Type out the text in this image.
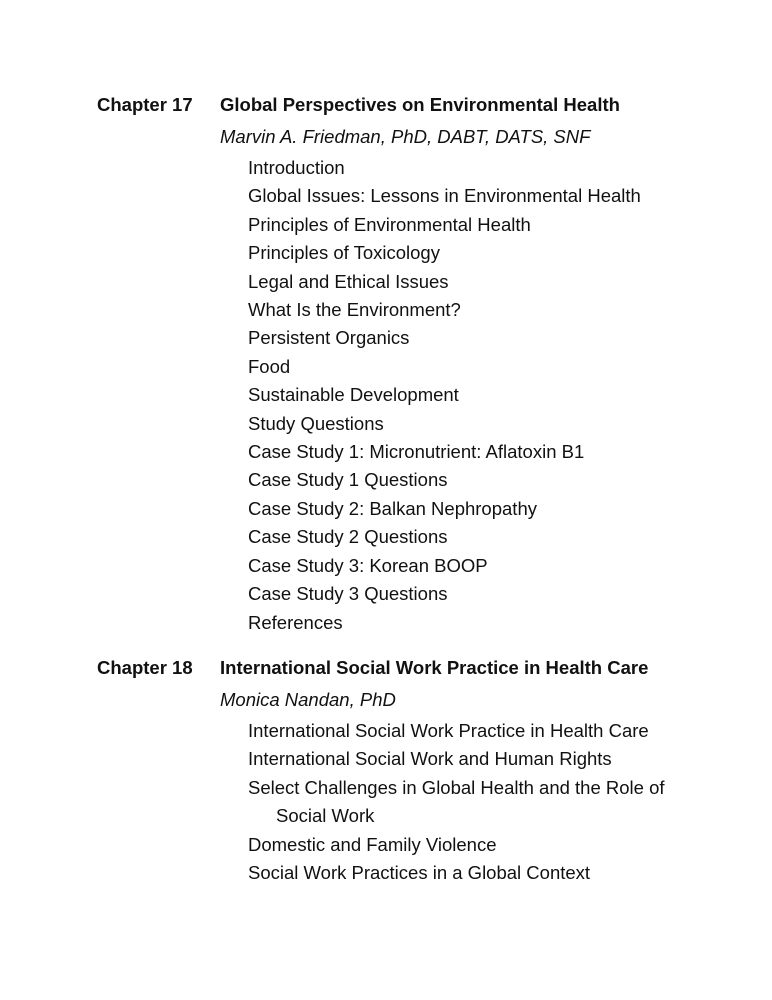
Chapter 17 Global Perspectives on Environmental Health
Marvin A. Friedman, PhD, DABT, DATS, SNF
Introduction
Global Issues: Lessons in Environmental Health
Principles of Environmental Health
Principles of Toxicology
Legal and Ethical Issues
What Is the Environment?
Persistent Organics
Food
Sustainable Development
Study Questions
Case Study 1: Micronutrient: Aflatoxin B1
Case Study 1 Questions
Case Study 2: Balkan Nephropathy
Case Study 2 Questions
Case Study 3: Korean BOOP
Case Study 3 Questions
References
Chapter 18 International Social Work Practice in Health Care
Monica Nandan, PhD
International Social Work Practice in Health Care
International Social Work and Human Rights
Select Challenges in Global Health and the Role of
Social Work
Domestic and Family Violence
Social Work Practices in a Global Context
